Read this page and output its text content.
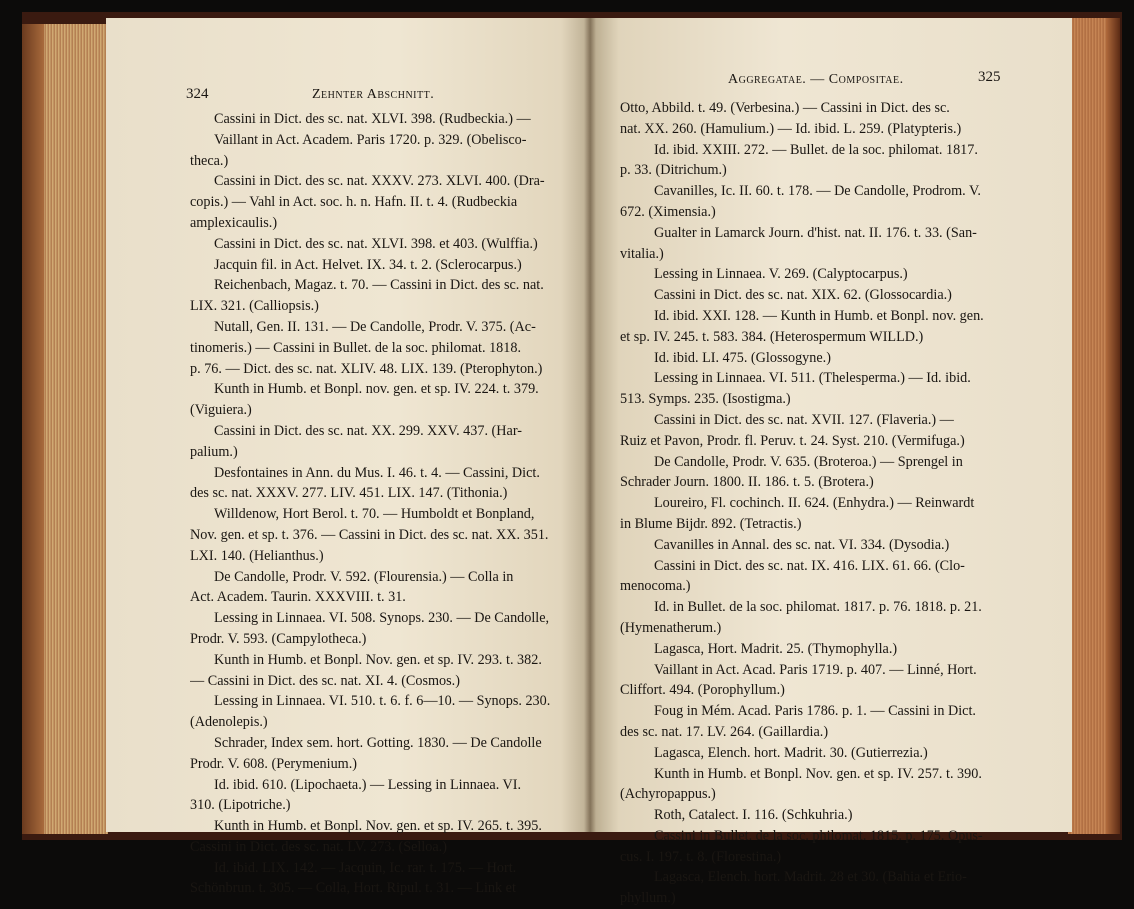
324	Zehnter Abschnitt.
Cassini in Dict. des sc. nat. XLVI. 398. (Rudbeckia.) —
Vaillant in Act. Academ. Paris 1720. p. 329. (Obelisco-
theca.)
Cassini in Dict. des sc. nat. XXXV. 273. XLVI. 400. (Dra-
copis.) — Vahl in Act. soc. h. n. Hafn. II. t. 4. (Rudbeckia
amplexicaulis.)
Cassini in Dict. des sc. nat. XLVI. 398. et 403. (Wulffia.)
Jacquin fil. in Act. Helvet. IX. 34. t. 2. (Sclerocarpus.)
Reichenbach, Magaz. t. 70. — Cassini in Dict. des sc. nat.
LIX. 321. (Calliopsis.)
Nutall, Gen. II. 131. — De Candolle, Prodr. V. 375. (Ac-
tinomeris.) — Cassini in Bullet. de la soc. philomat. 1818.
p. 76. — Dict. des sc. nat. XLIV. 48. LIX. 139. (Pterophyton.)
Kunth in Humb. et Bonpl. nov. gen. et sp. IV. 224. t. 379.
(Viguiera.)
Cassini in Dict. des sc. nat. XX. 299. XXV. 437. (Har-
palium.)
Desfontaines in Ann. du Mus. I. 46. t. 4. — Cassini, Dict.
des sc. nat. XXXV. 277. LIV. 451. LIX. 147. (Tithonia.)
Willdenow, Hort Berol. t. 70. — Humboldt et Bonpland,
Nov. gen. et sp. t. 376. — Cassini in Dict. des sc. nat. XX. 351.
LXI. 140. (Helianthus.)
De Candolle, Prodr. V. 592. (Flourensia.) — Colla in
Act. Academ. Taurin. XXXVIII. t. 31.
Lessing in Linnaea. VI. 508. Synops. 230. — De Candolle,
Prodr. V. 593. (Campylotheca.)
Kunth in Humb. et Bonpl. Nov. gen. et sp. IV. 293. t. 382.
— Cassini in Dict. des sc. nat. XI. 4. (Cosmos.)
Lessing in Linnaea. VI. 510. t. 6. f. 6—10. — Synops. 230.
(Adenolepis.)
Schrader, Index sem. hort. Gotting. 1830. — De Candolle
Prodr. V. 608. (Perymenium.)
Id. ibid. 610. (Lipochaeta.) — Lessing in Linnaea. VI.
310. (Lipotriche.)
Kunth in Humb. et Bonpl. Nov. gen. et sp. IV. 265. t. 395.
Cassini in Dict. des sc. nat. LV. 273. (Selloa.)
Id. ibid. LIX. 142. — Jacquin, Ic. rar. t. 175. — Hort.
Schönbrun. t. 305. — Colla, Hort. Ripul. t. 31. — Link et
Aggregatae. — Compositae.	325
Otto, Abbild. t. 49. (Verbesina.) — Cassini in Dict. des sc.
nat. XX. 260. (Hamulium.) — Id. ibid. L. 259. (Platypteris.)
Id. ibid. XXIII. 272. — Bullet. de la soc. philomat. 1817.
p. 33. (Ditrichum.)
Cavanilles, Ic. II. 60. t. 178. — De Candolle, Prodrom. V.
672. (Ximensia.)
Gualter in Lamarck Journ. d'hist. nat. II. 176. t. 33. (San-
vitalia.)
Lessing in Linnaea. V. 269. (Calyptocarpus.)
Cassini in Dict. des sc. nat. XIX. 62. (Glossocardia.)
Id. ibid. XXI. 128. — Kunth in Humb. et Bonpl. nov. gen.
et sp. IV. 245. t. 583. 384. (Heterospermum WILLD.)
Id. ibid. LI. 475. (Glossogyne.)
Lessing in Linnaea. VI. 511. (Thelesperma.) — Id. ibid.
513. Symps. 235. (Isostigma.)
Cassini in Dict. des sc. nat. XVII. 127. (Flaveria.) —
Ruiz et Pavon, Prodr. fl. Peruv. t. 24. Syst. 210. (Vermifuga.)
De Candolle, Prodr. V. 635. (Broteroa.) — Sprengel in
Schrader Journ. 1800. II. 186. t. 5. (Brotera.)
Loureiro, Fl. cochinch. II. 624. (Enhydra.) — Reinwardt
in Blume Bijdr. 892. (Tetractis.)
Cavanilles in Annal. des sc. nat. VI. 334. (Dysodia.)
Cassini in Dict. des sc. nat. IX. 416. LIX. 61. 66. (Clo-
menocoma.)
Id. in Bullet. de la soc. philomat. 1817. p. 76. 1818. p. 21.
(Hymenatherum.)
Lagasca, Hort. Madrit. 25. (Thymophylla.)
Vaillant in Act. Acad. Paris 1719. p. 407. — Linné, Hort.
Cliffort. 494. (Porophyllum.)
Foug in Mém. Acad. Paris 1786. p. 1. — Cassini in Dict.
des sc. nat. 17. LV. 264. (Gaillardia.)
Lagasca, Elench. hort. Madrit. 30. (Gutierrezia.)
Kunth in Humb. et Bonpl. Nov. gen. et sp. IV. 257. t. 390.
(Achyropappus.)
Roth, Catalect. I. 116. (Schkuhria.)
Cassini in Bullet. de la soc. philomat. 1815. p. 175. Opus-
cus. I. 197. t. 8. (Florestina.)
Lagasca, Elench. hort. Madrit. 28 et 30. (Bahia et Erio-
phyllum.)
